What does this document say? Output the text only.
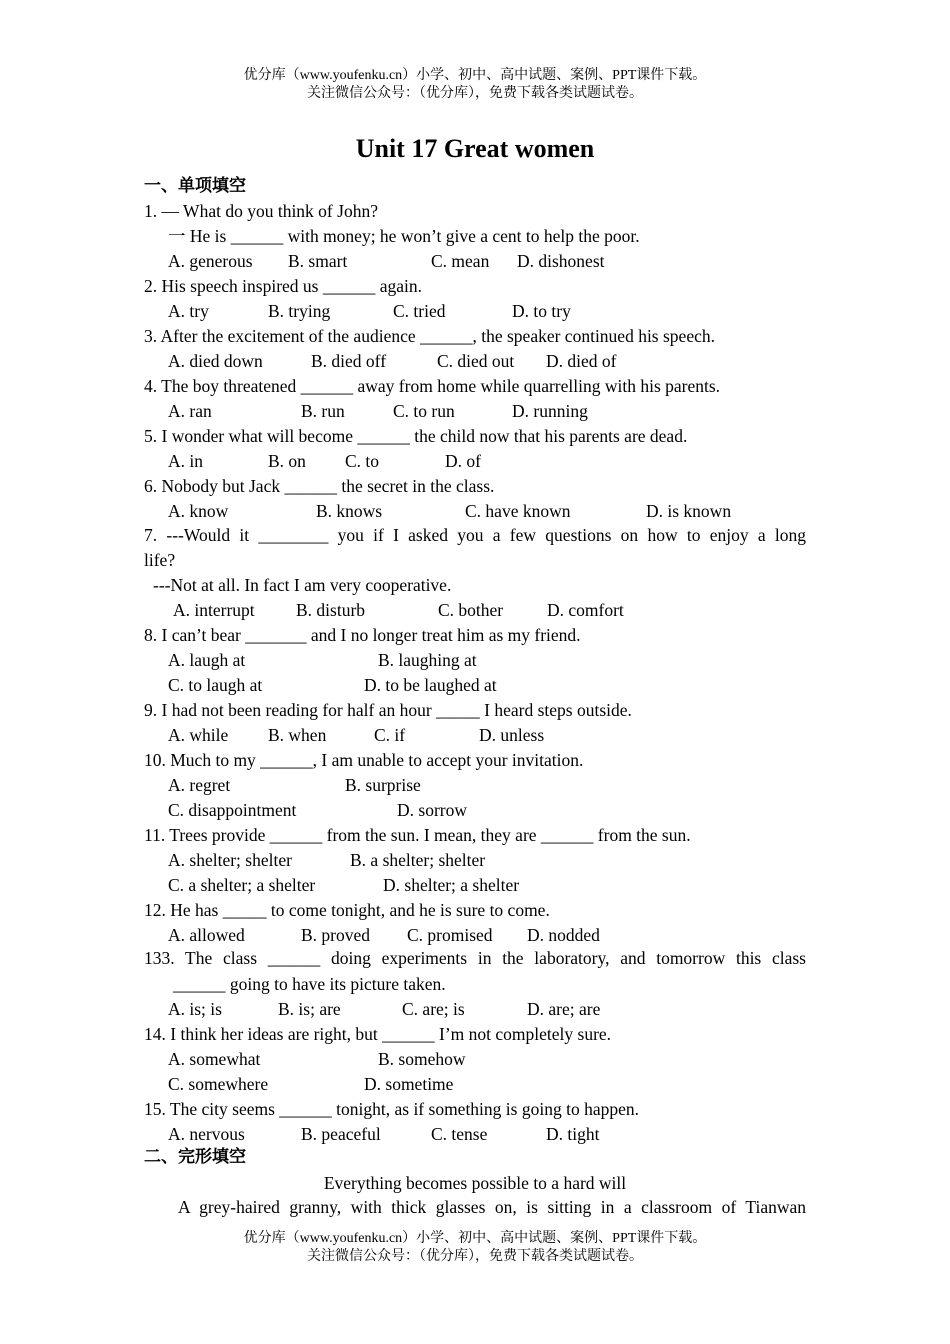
优分库（www.youfenku.cn）小学、初中、高中试题、案例、PPT课件下载。
关注微信公众号：（优分库），免费下载各类试题试卷。
Unit 17 Great women
一、单项填空
1. — What do you think of John?
一 He is ______ with money; he won’t give a cent to help the poor.
A. generous B. smart	C. mean D. dishonest
2. His speech inspired us ______ again.
A. try	B. trying	C. tried	D. to try
3. After the excitement of the audience ______, the speaker continued his speech.
A. died down	B. died off	C. died out D. died of
4. The boy threatened ______ away from home while quarrelling with his parents.
A. ran	B. run	C. to run	D. running
5. I wonder what will become ______ the child now that his parents are dead.
A. in	B. on C. to	D. of
6. Nobody but Jack ______ the secret in the class.
A. know	B. knows	C. have known	D. is known
7. ---Would it ________ you if I asked you a few questions on how to enjoy a long
life?
---Not at all. In fact I am very cooperative.
A. interrupt B. disturb	C. bother	D. comfort
8. I can’t bear _______ and I no longer treat him as my friend.
A. laugh at	B. laughing at
C. to laugh at	D. to be laughed at
9. I had not been reading for half an hour _____ I heard steps outside.
A. while B. when	C. if	D. unless
10. Much to my ______, I am unable to accept your invitation.
A. regret	B. surprise
C. disappointment	D. sorrow
11. Trees provide ______ from the sun. I mean, they are ______ from the sun.
A. shelter; shelter	B. a shelter; shelter
C. a shelter; a shelter	D. shelter; a shelter
12. He has _____ to come tonight, and he is sure to come.
A. allowed	B. proved C. promised D. nodded
133. The class ______ doing experiments in the laboratory, and tomorrow this class
______ going to have its picture taken.
A. is; is	B. is; are	C. are; is	D. are; are
14. I think her ideas are right, but ______ I’m not completely sure.
A. somewhat	B. somehow
C. somewhere	D. sometime
15. The city seems ______ tonight, as if something is going to happen.
A. nervous	B. peaceful	C. tense	D. tight
二、完形填空
Everything becomes possible to a hard will
A grey-haired granny, with thick glasses on, is sitting in a classroom of Tianwan
优分库（www.youfenku.cn）小学、初中、高中试题、案例、PPT课件下载。
关注微信公众号：（优分库），免费下载各类试题试卷。
